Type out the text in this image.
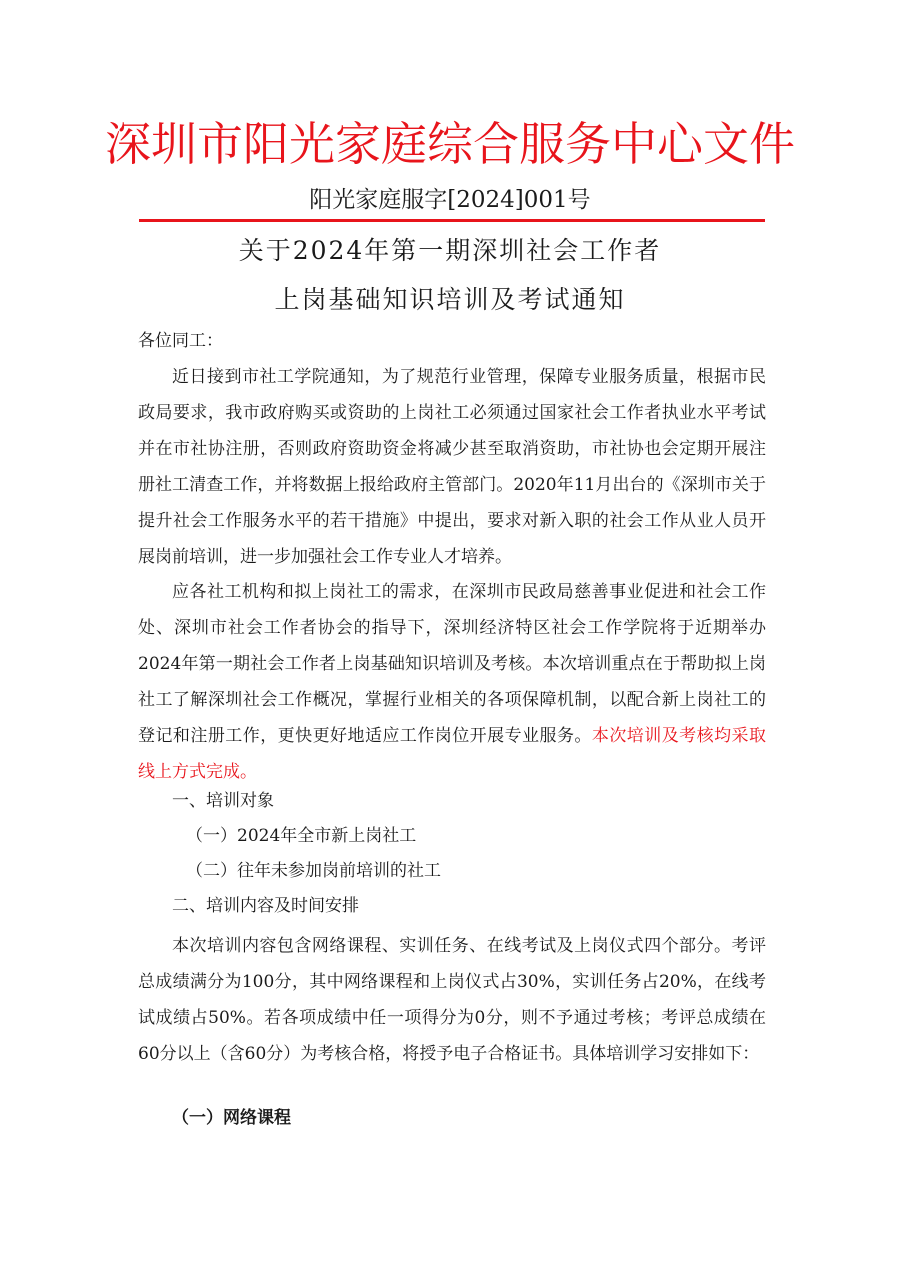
深圳市阳光家庭综合服务中心文件
阳光家庭服字[2024]001号
关于2024年第一期深圳社会工作者
上岗基础知识培训及考试通知
各位同工：

近日接到市社工学院通知，为了规范行业管理，保障专业服务质量，根据市民政局要求，我市政府购买或资助的上岗社工必须通过国家社会工作者执业水平考试并在市社协注册，否则政府资助资金将减少甚至取消资助，市社协也会定期开展注册社工清查工作，并将数据上报给政府主管部门。2020年11月出台的《深圳市关于提升社会工作服务水平的若干措施》中提出，要求对新入职的社会工作从业人员开展岗前培训，进一步加强社会工作专业人才培养。

应各社工机构和拟上岗社工的需求，在深圳市民政局慈善事业促进和社会工作处、深圳市社会工作者协会的指导下，深圳经济特区社会工作学院将于近期举办2024年第一期社会工作者上岗基础知识培训及考核。本次培训重点在于帮助拟上岗社工了解深圳社会工作概况，掌握行业相关的各项保障机制，以配合新上岗社工的登记和注册工作，更快更好地适应工作岗位开展专业服务。本次培训及考核均采取线上方式完成。

一、培训对象

（一）2024年全市新上岗社工

（二）往年未参加岗前培训的社工

二、培训内容及时间安排

本次培训内容包含网络课程、实训任务、在线考试及上岗仪式四个部分。考评总成绩满分为100分，其中网络课程和上岗仪式占30%，实训任务占20%，在线考试成绩占50%。若各项成绩中任一项得分为0分，则不予通过考核；考评总成绩在60分以上（含60分）为考核合格，将授予电子合格证书。具体培训学习安排如下：

（一）网络课程
